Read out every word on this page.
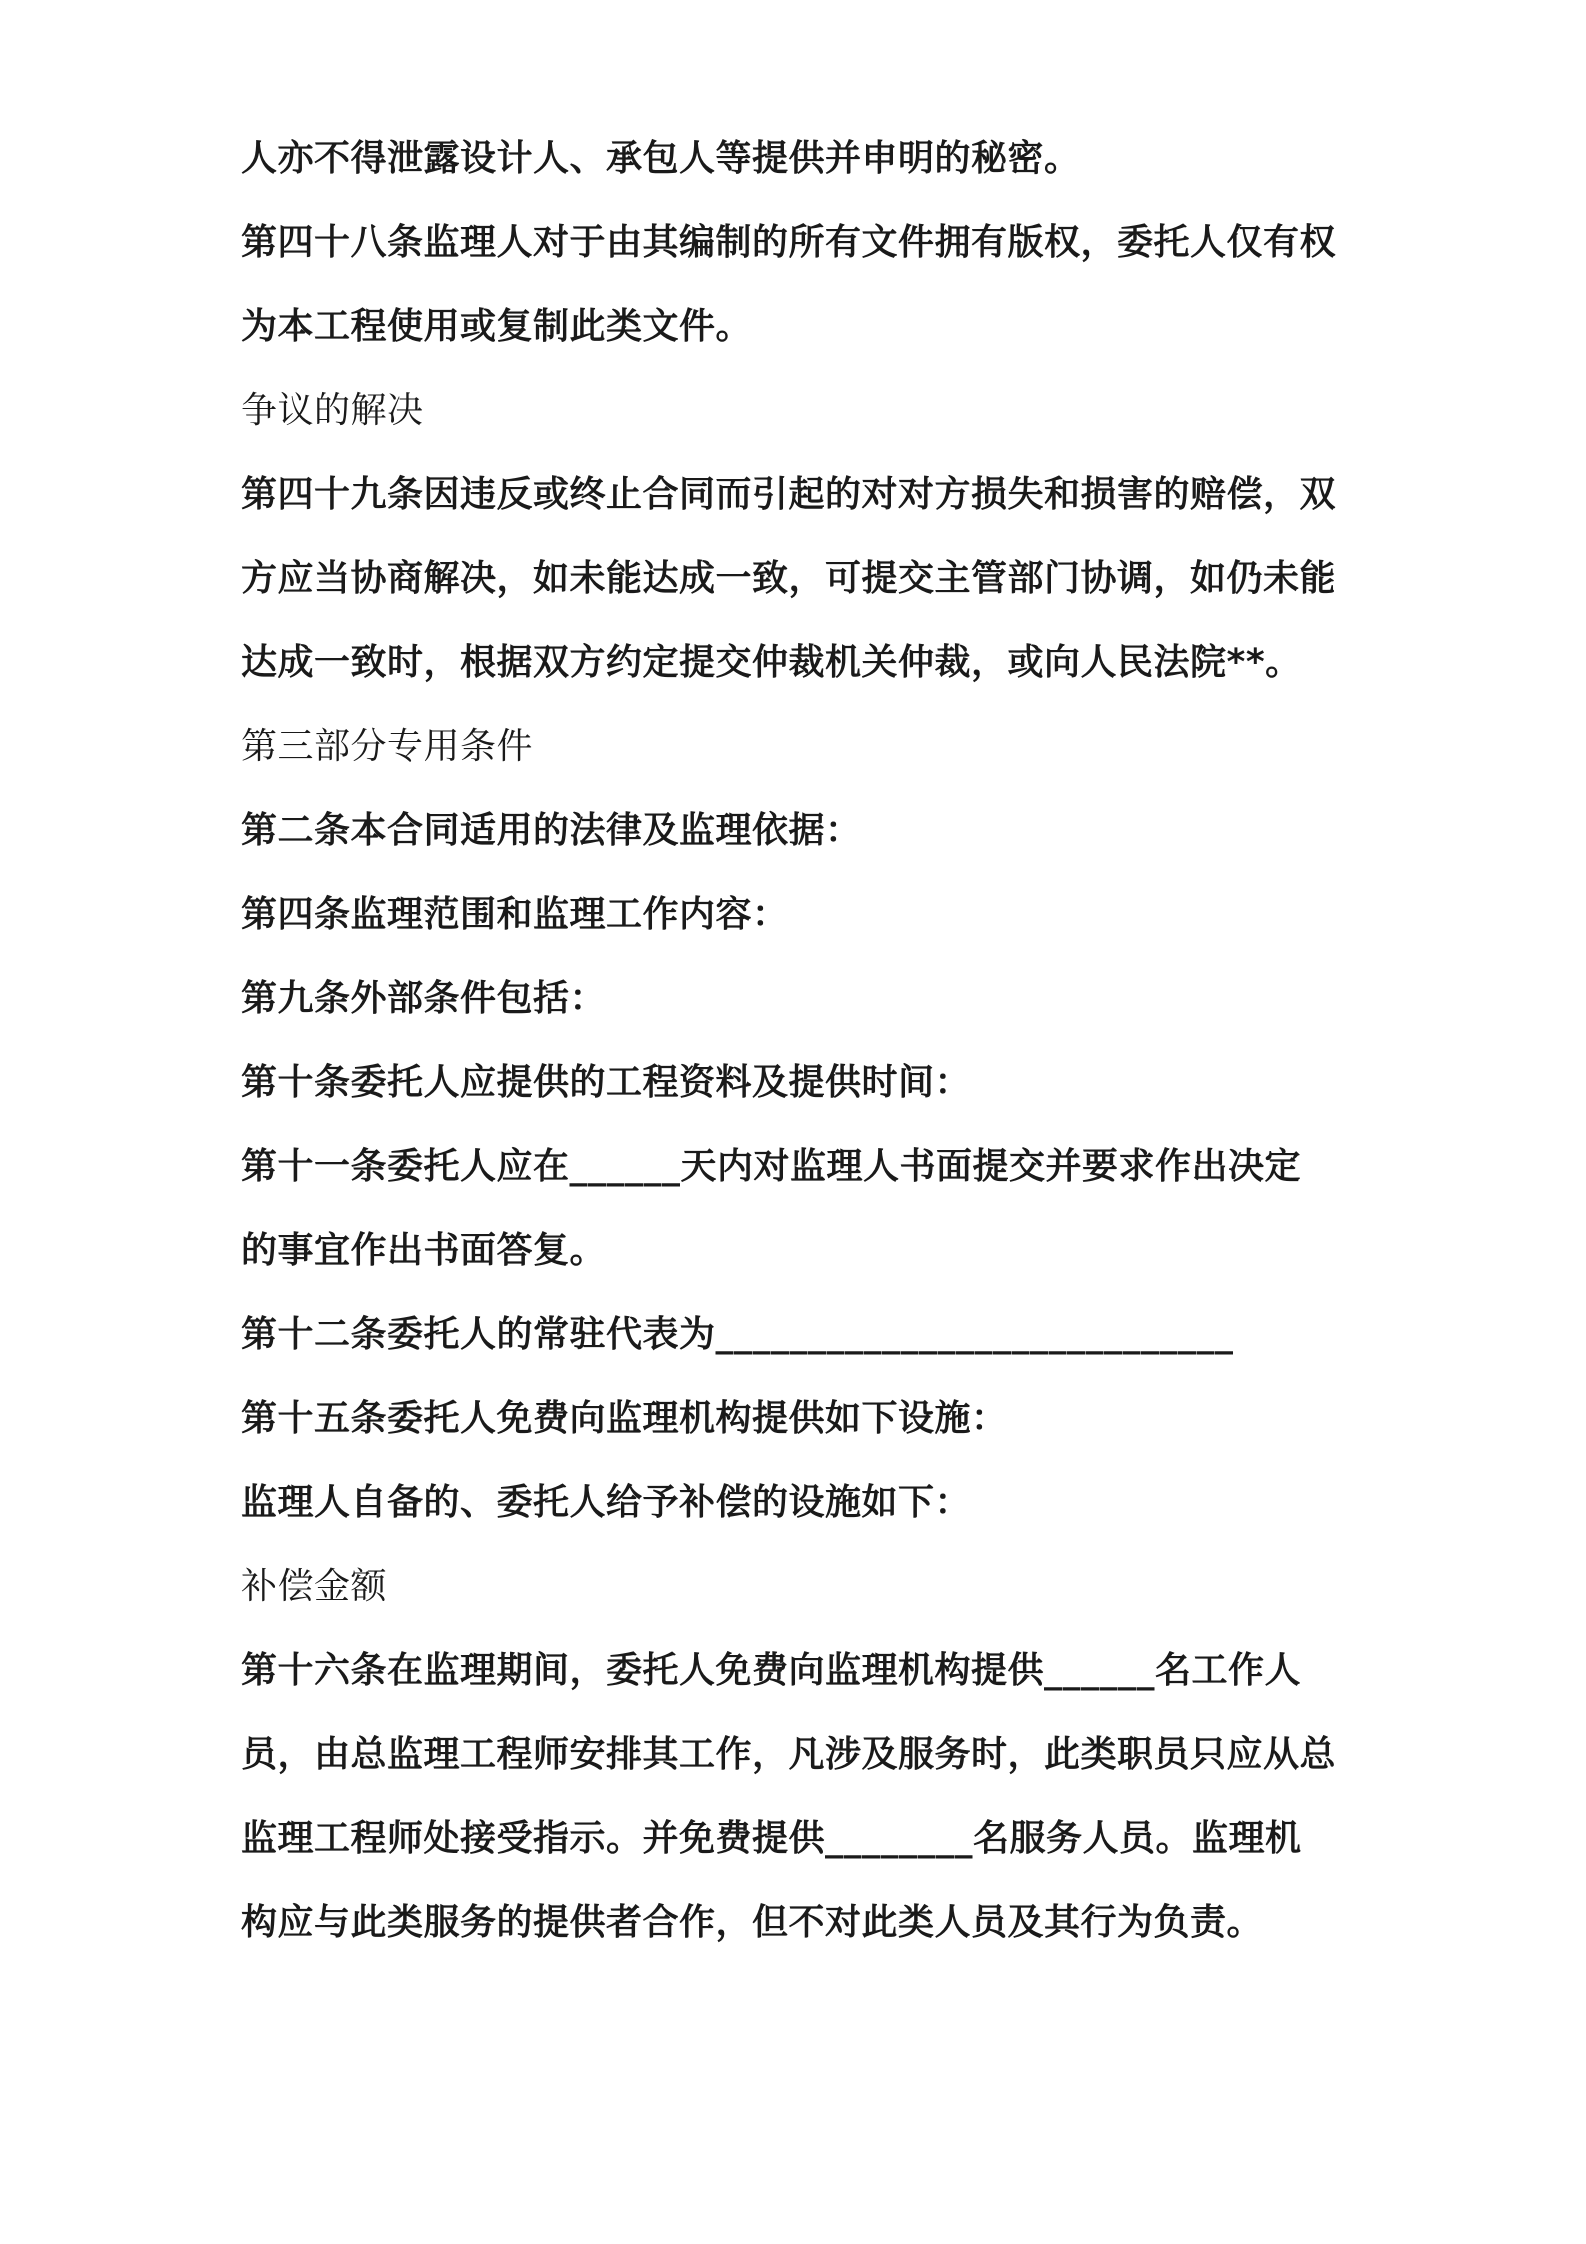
人亦不得泄露设计人、承包人等提供并申明的秘密。
第四十八条监理人对于由其编制的所有文件拥有版权，委托人仅有权
为本工程使用或复制此类文件。
争议的解决
第四十九条因违反或终止合同而引起的对对方损失和损害的赔偿，双
方应当协商解决，如未能达成一致，可提交主管部门协调，如仍未能
达成一致时，根据双方约定提交仲裁机关仲裁，或向人民法院**。
第三部分专用条件
第二条本合同适用的法律及监理依据：
第四条监理范围和监理工作内容：
第九条外部条件包括：
第十条委托人应提供的工程资料及提供时间：
第十一条委托人应在______天内对监理人书面提交并要求作出决定
的事宜作出书面答复。
第十二条委托人的常驻代表为____________________________
第十五条委托人免费向监理机构提供如下设施：
监理人自备的、委托人给予补偿的设施如下：
补偿金额
第十六条在监理期间，委托人免费向监理机构提供______名工作人
员，由总监理工程师安排其工作，凡涉及服务时，此类职员只应从总
监理工程师处接受指示。并免费提供________名服务人员。监理机
构应与此类服务的提供者合作，但不对此类人员及其行为负责。
